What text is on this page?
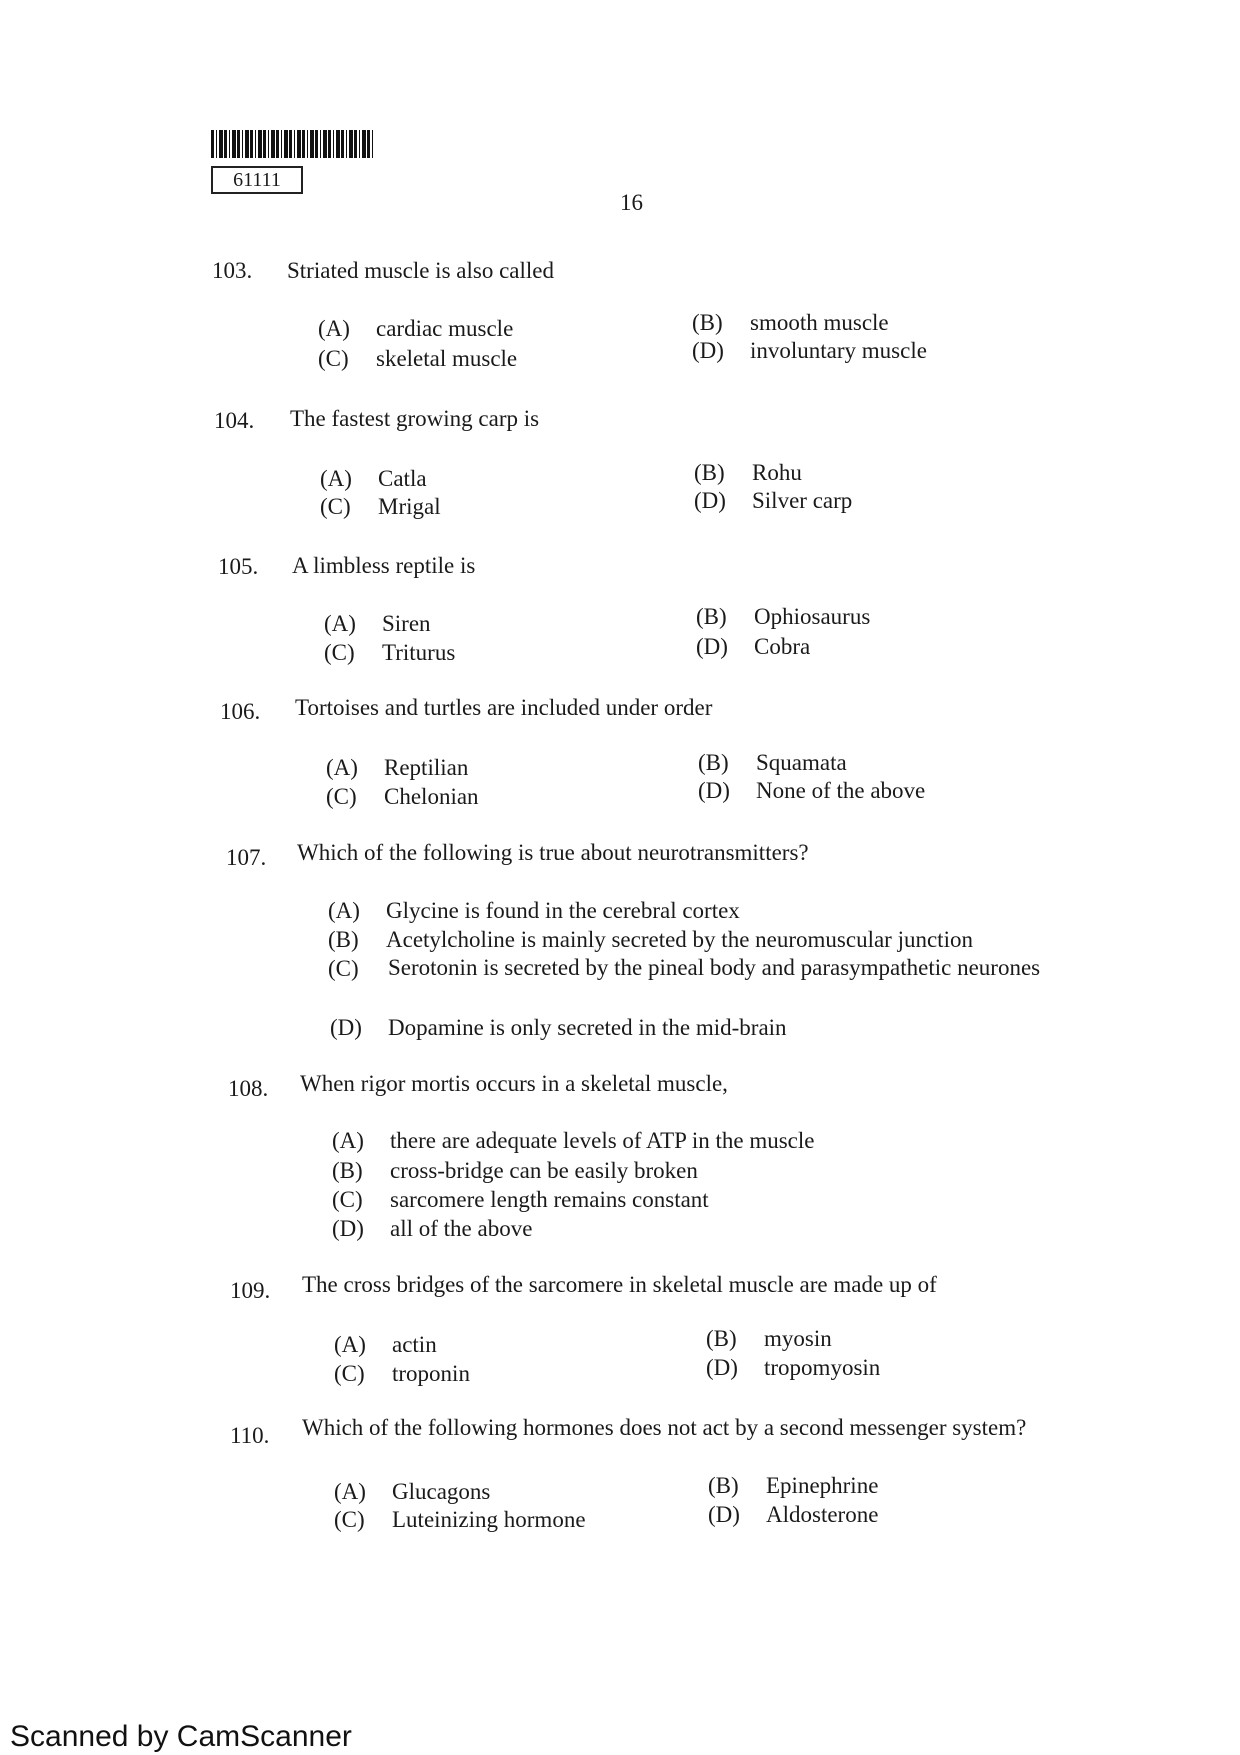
61111
16
103. Striated muscle is also called
(A) cardiac muscle	(B) smooth muscle
(C) skeletal muscle	(D) involuntary muscle
104. The fastest growing carp is
(A) Catla	(B) Rohu
(C) Mrigal	(D) Silver carp
105. A limbless reptile is
(A) Siren	(B) Ophiosaurus
(C) Triturus	(D) Cobra
106. Tortoises and turtles are included under order
(A) Reptilian	(B) Squamata
(C) Chelonian	(D) None of the above
107. Which of the following is true about neurotransmitters?
(A) Glycine is found in the cerebral cortex
(B) Acetylcholine is mainly secreted by the neuromuscular junction
(C) Serotonin is secreted by the pineal body and parasympathetic neurones
(D) Dopamine is only secreted in the mid-brain
108. When rigor mortis occurs in a skeletal muscle,
(A) there are adequate levels of ATP in the muscle
(B) cross-bridge can be easily broken
(C) sarcomere length remains constant
(D) all of the above
109. The cross bridges of the sarcomere in skeletal muscle are made up of
(A) actin	(B) myosin
(C) troponin	(D) tropomyosin
110. Which of the following hormones does not act by a second messenger system?
(A) Glucagons	(B) Epinephrine
(C) Luteinizing hormone	(D) Aldosterone
Scanned by CamScanner
